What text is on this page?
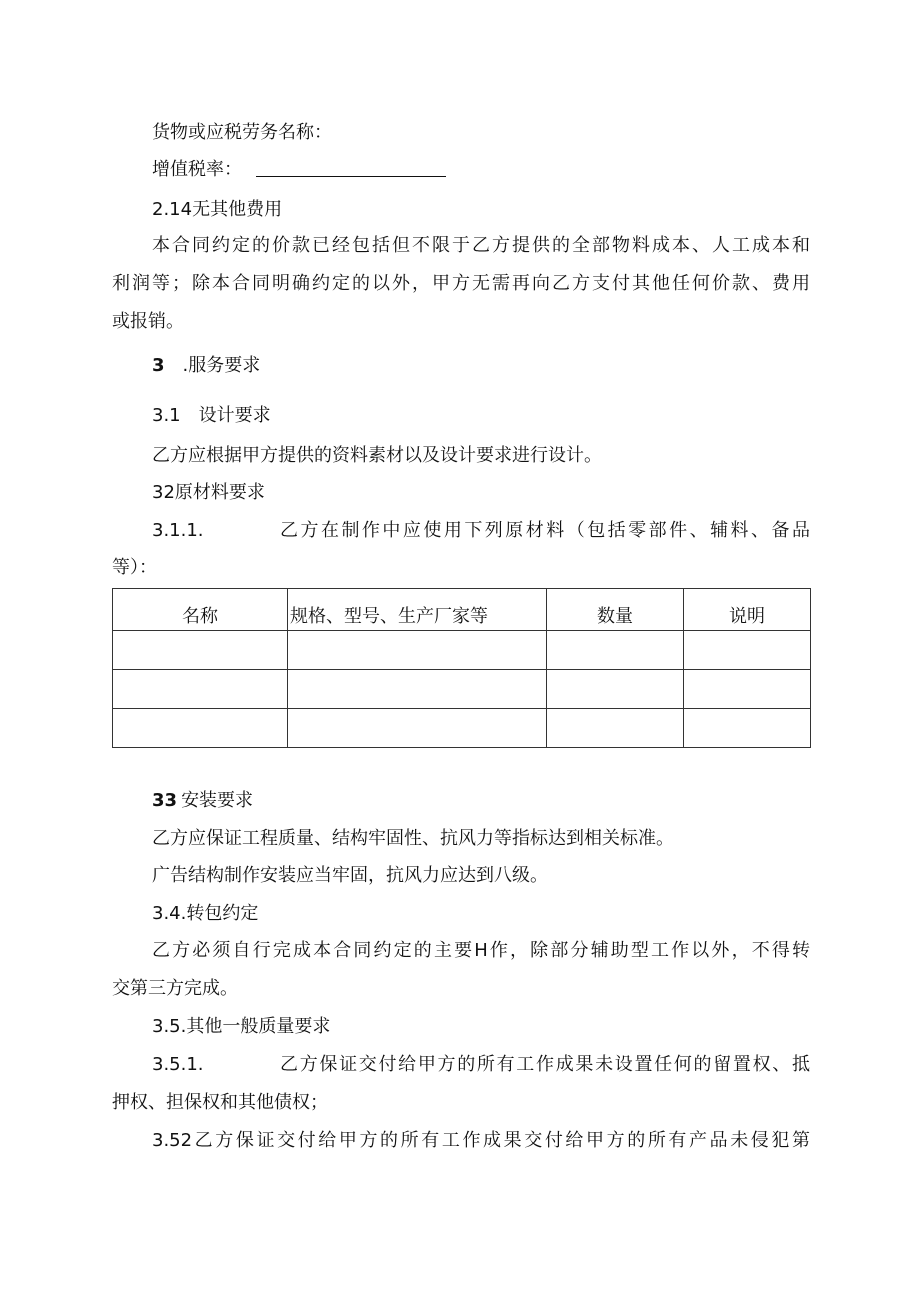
货物或应税劳务名称：
增值税率：
2.14无其他费用
本合同约定的价款已经包括但不限于乙方提供的全部物料成本、人工成本和
利润等；除本合同明确约定的以外，甲方无需再向乙方支付其他任何价款、费用
或报销。
3 .服务要求
3.1 设计要求
乙方应根据甲方提供的资料素材以及设计要求进行设计。
32原材料要求
3.1.1.	乙方在制作中应使用下列原材料（包括零部件、辅料、备品
等）：
名称	规格、型号、生产厂家等	数量	说明

33 安装要求
乙方应保证工程质量、结构牢固性、抗风力等指标达到相关标准。
广告结构制作安装应当牢固，抗风力应达到八级。
3.4.转包约定
乙方必须自行完成本合同约定的主要H作，除部分辅助型工作以外，不得转
交第三方完成。
3.5.其他一般质量要求
3.5.1.	乙方保证交付给甲方的所有工作成果未设置任何的留置权、抵
押权、担保权和其他债权；
3.52乙方保证交付给甲方的所有工作成果交付给甲方的所有产品未侵犯第
